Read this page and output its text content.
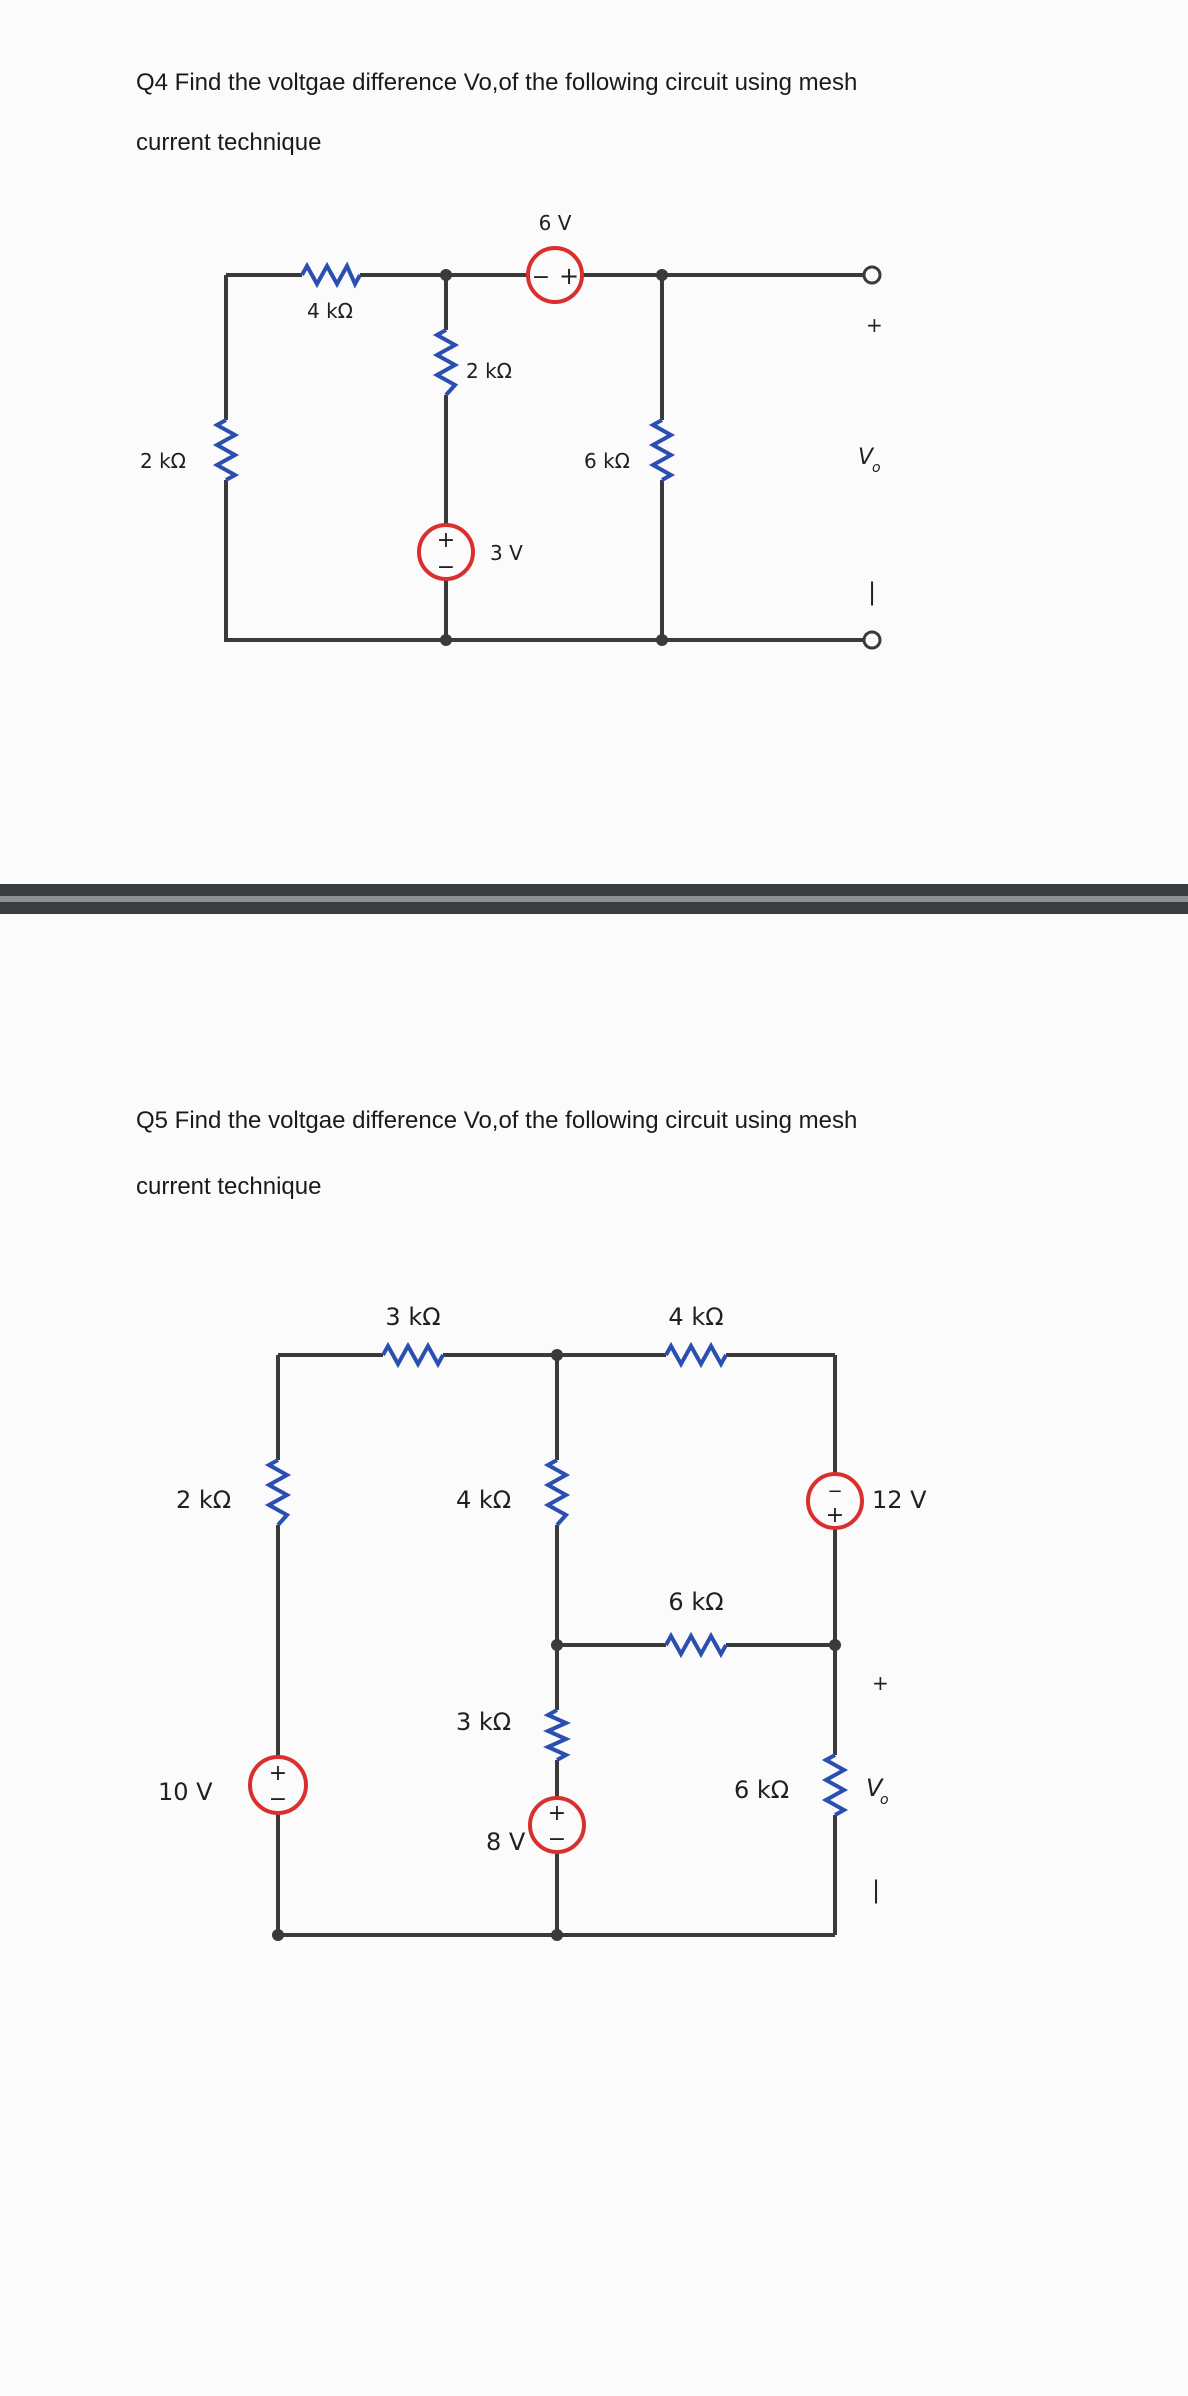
Q4 Find the voltgae difference Vo,of the following circuit using mesh
current technique
− +
+
−
4 kΩ
2 kΩ
2 kΩ
6 kΩ
6 V
3 V
+
V
o
|
Q5 Find the voltgae difference Vo,of the following circuit using mesh
current technique
+
−
+
−
−
+
3 kΩ	4 kΩ
2 kΩ	4 kΩ
3 kΩ
6 kΩ
6 kΩ
10 V
8 V
12 V
+
V
o
|
